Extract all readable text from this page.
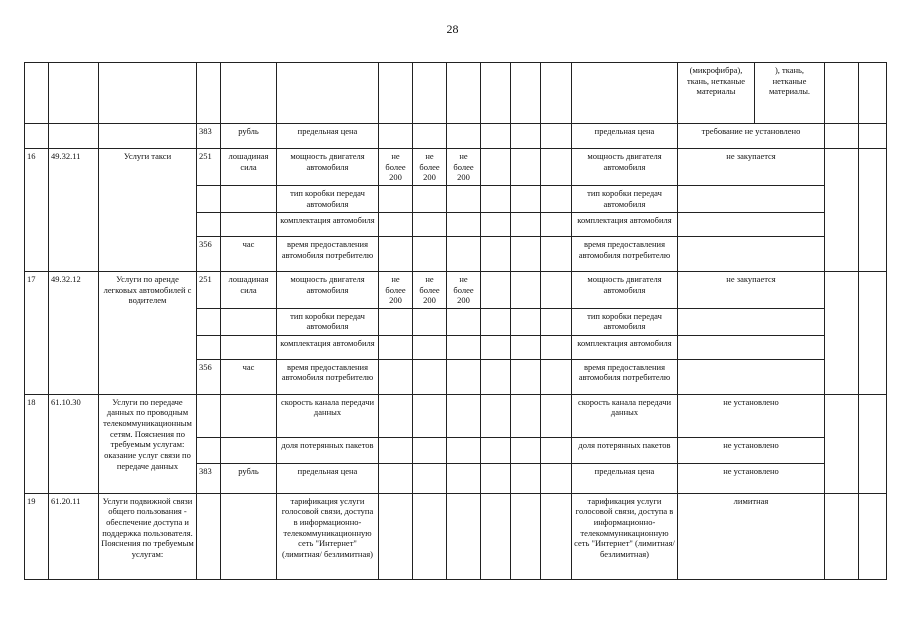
28
													(микрофибра), ткань, нетканые материалы	), ткань, нетканые материалы.		
			383	рубль	предельная цена							предельная цена	требование не установлено			
16	49.32.11	Услуги такси	251	лошадиная сила	мощность двигателя автомобиля	не более 200	не более 200	не более 200				мощность двигателя автомобиля	не закупается			
					тип коробки передач автомобиля							тип коробки передач автомобиля				
					комплектация автомобиля							комплектация автомобиля				
			356	час	время предоставления автомобиля потребителю							время предоставления автомобиля потребителю				
17	49.32.12	Услуги по аренде легковых автомобилей с водителем	251	лошадиная сила	мощность двигателя автомобиля	не более 200	не более 200	не более 200				мощность двигателя автомобиля	не закупается			
					тип коробки передач автомобиля							тип коробки передач автомобиля				
					комплектация автомобиля							комплектация автомобиля				
			356	час	время предоставления автомобиля потребителю							время предоставления автомобиля потребителю				
18	61.10.30	Услуги по передаче данных по проводным телекоммуникационным сетям. Пояснения по требуемым услугам: оказание услуг связи по передаче данных			скорость канала передачи данных							скорость канала передачи данных	не установлено			
					доля потерянных пакетов							доля потерянных пакетов	не установлено			
			383	рубль	предельная цена							предельная цена	не установлено			
19	61.20.11	Услуги подвижной связи общего пользования - обеспечение доступа и поддержка пользователя. Пояснения по требуемым услугам:			тарификация услуги голосовой связи, доступа в информационно-телекоммуникационную сеть "Интернет" (лимитная/ безлимитная)							тарификация услуги голосовой связи, доступа в информационно-телекоммуникационную сеть "Интернет" (лимитная/ безлимитная)	лимитная			
